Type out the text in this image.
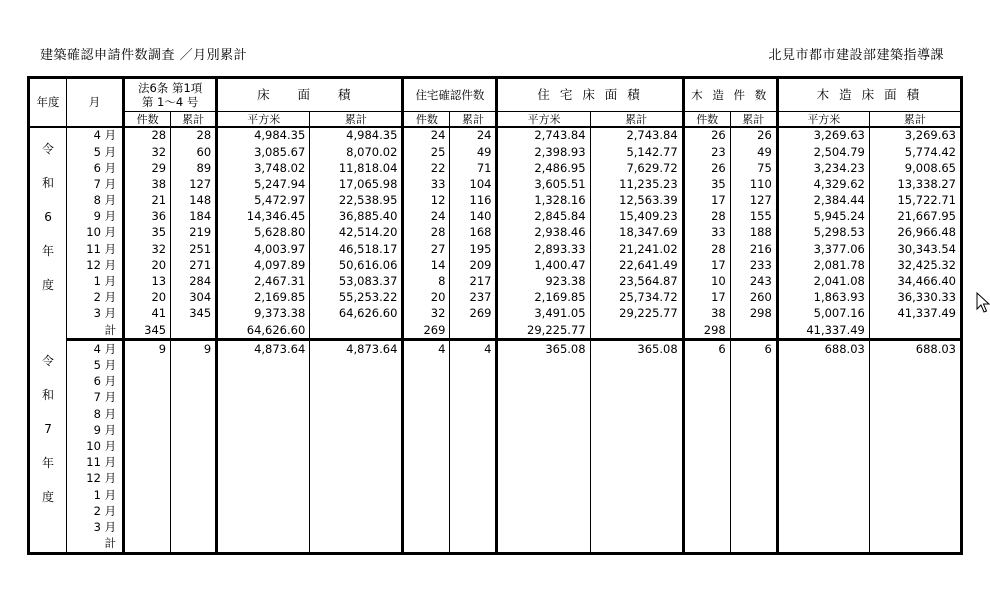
建築確認申請件数調査 ／月別累計	北見市都市建設部建築指導課
年度	月	法6条 第1項
第 1〜4 号		床 面 積		住宅確認件数		住 宅 床 面 積		木 造 件 数		木 造 床 面 積	
		件数	累計	平方米	累計	件数	累計	平方米	累計	件数	累計	平方米	累計

令
和
6
年
度	4 月	28	28	4,984.35	4,984.35	24	24	2,743.84	2,743.84	26	26	3,269.63	3,269.63
	5 月	32	60	3,085.67	8,070.02	25	49	2,398.93	5,142.77	23	49	2,504.79	5,774.42
	6 月	29	89	3,748.02	11,818.04	22	71	2,486.95	7,629.72	26	75	3,234.23	9,008.65
	7 月	38	127	5,247.94	17,065.98	33	104	3,605.51	11,235.23	35	110	4,329.62	13,338.27
	8 月	21	148	5,472.97	22,538.95	12	116	1,328.16	12,563.39	17	127	2,384.44	15,722.71
	9 月	36	184	14,346.45	36,885.40	24	140	2,845.84	15,409.23	28	155	5,945.24	21,667.95
	10 月	35	219	5,628.80	42,514.20	28	168	2,938.46	18,347.69	33	188	5,298.53	26,966.48
	11 月	32	251	4,003.97	46,518.17	27	195	2,893.33	21,241.02	28	216	3,377.06	30,343.54
	12 月	20	271	4,097.89	50,616.06	14	209	1,400.47	22,641.49	17	233	2,081.78	32,425.32
	1 月	13	284	2,467.31	53,083.37	8	217	923.38	23,564.87	10	243	2,041.08	34,466.40
	2 月	20	304	2,169.85	55,253.22	20	237	2,169.85	25,734.72	17	260	1,863.93	36,330.33
	3 月	41	345	9,373.38	64,626.60	32	269	3,491.05	29,225.77	38	298	5,007.16	41,337.49
	計	345		64,626.60		269		29,225.77		298		41,337.49	

令
和
7
年
度	4 月	9	9	4,873.64	4,873.64	4	4	365.08	365.08	6	6	688.03	688.03
	5 月												
	6 月												
	7 月												
	8 月												
	9 月												
	10 月												
	11 月												
	12 月												
	1 月												
	2 月												
	3 月												
	計												
